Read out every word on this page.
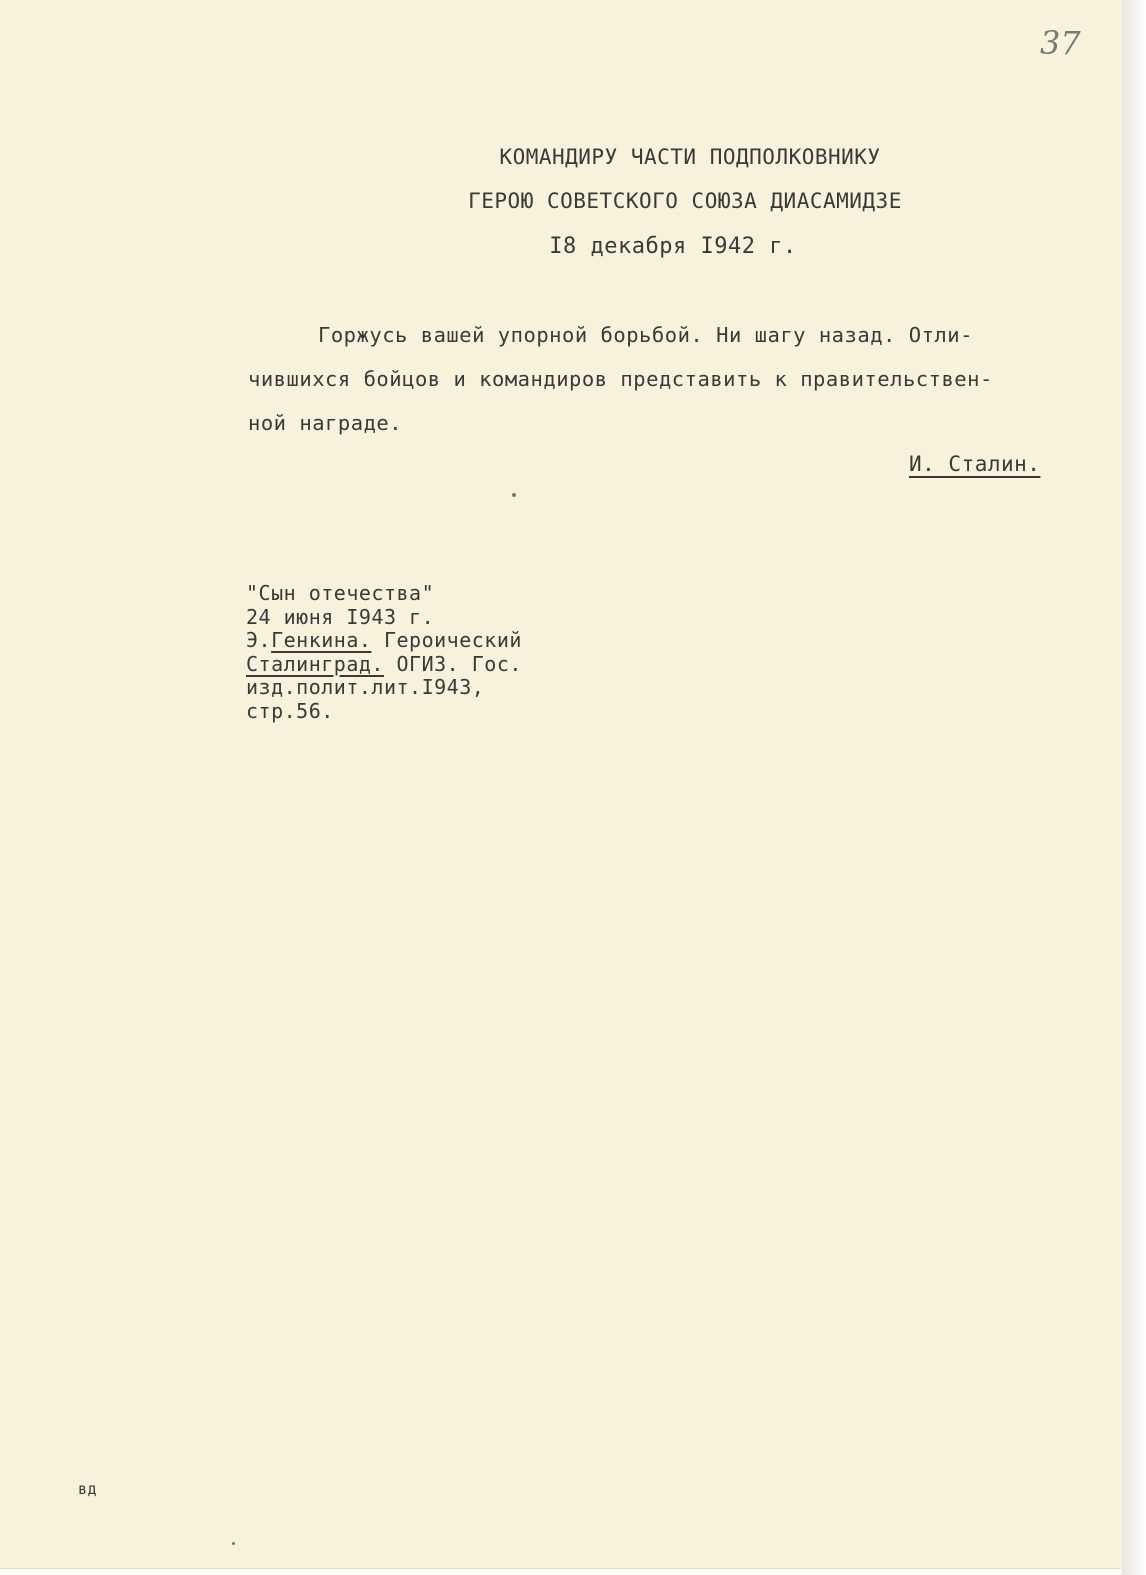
37
КОМАНДИРУ ЧАСТИ ПОДПОЛКОВНИКУ
ГЕРОЮ СОВЕТСКОГО СОЮЗА ДИАСАМИДЗЕ
I8 декабря I942 г.
Горжусь вашей упорной борьбой. Ни шагу назад. Отли-
чившихся бойцов и командиров представить к правительствен-
ной награде.
И. Сталин.
"Сын отечества"
24 июня I943 г.
Э.Генкина. Героический
Сталинград. ОГИЗ. Гос.
изд.полит.лит.I943,
стр.56.
вд
